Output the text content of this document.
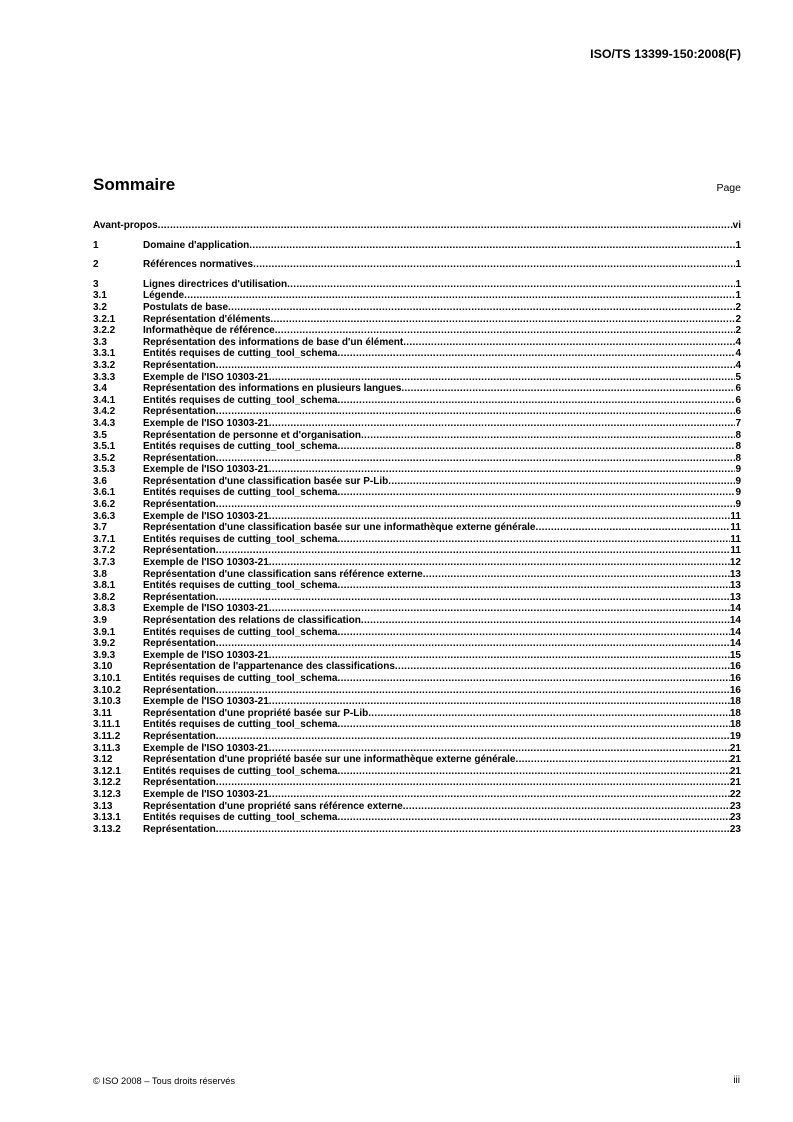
ISO/TS 13399-150:2008(F)
Sommaire	Page
Avant-propos .....	vi
1	Domaine d'application .....	1
2	Références normatives .....	1
3	Lignes directrices d'utilisation .....	1
3.1	Légende .....	1
3.2	Postulats de base .....	2
3.2.1	Représentation d'éléments .....	2
3.2.2	Informathèque de référence .....	2
3.3	Représentation des informations de base d'un élément .....	4
3.3.1	Entités requises de cutting_tool_schema .....	4
3.3.2	Représentation .....	4
3.3.3	Exemple de l'ISO 10303-21 .....	5
3.4	Représentation des informations en plusieurs langues .....	6
3.4.1	Entités requises de cutting_tool_schema .....	6
3.4.2	Représentation .....	6
3.4.3	Exemple de l'ISO 10303-21 .....	7
3.5	Représentation de personne et d'organisation .....	8
3.5.1	Entités requises de cutting_tool_schema .....	8
3.5.2	Représentation .....	8
3.5.3	Exemple de l'ISO 10303-21 .....	9
3.6	Représentation d'une classification basée sur P-Lib .....	9
3.6.1	Entités requises de cutting_tool_schema .....	9
3.6.2	Représentation .....	9
3.6.3	Exemple de l'ISO 10303-21 .....	11
3.7	Représentation d'une classification basée sur une informathèque externe générale .....	11
3.7.1	Entités requises de cutting_tool_schema .....	11
3.7.2	Représentation .....	11
3.7.3	Exemple de l'ISO 10303-21 .....	12
3.8	Représentation d'une classification sans référence externe .....	13
3.8.1	Entités requises de cutting_tool_schema .....	13
3.8.2	Représentation .....	13
3.8.3	Exemple de l'ISO 10303-21 .....	14
3.9	Représentation des relations de classification .....	14
3.9.1	Entités requises de cutting_tool_schema .....	14
3.9.2	Représentation .....	14
3.9.3	Exemple de l'ISO 10303-21 .....	15
3.10	Représentation de l'appartenance des classifications .....	16
3.10.1	Entités requises de cutting_tool_schema .....	16
3.10.2	Représentation .....	16
3.10.3	Exemple de l'ISO 10303-21 .....	18
3.11	Représentation d'une propriété basée sur P-Lib .....	18
3.11.1	Entités requises de cutting_tool_schema .....	18
3.11.2	Représentation .....	19
3.11.3	Exemple de l'ISO 10303-21 .....	21
3.12	Représentation d'une propriété basée sur une informathèque externe générale .....	21
3.12.1	Entités requises de cutting_tool_schema .....	21
3.12.2	Représentation .....	21
3.12.3	Exemple de l'ISO 10303-21 .....	22
3.13	Représentation d'une propriété sans référence externe .....	23
3.13.1	Entités requises de cutting_tool_schema .....	23
3.13.2	Représentation .....	23
© ISO 2008 – Tous droits réservés	iii
